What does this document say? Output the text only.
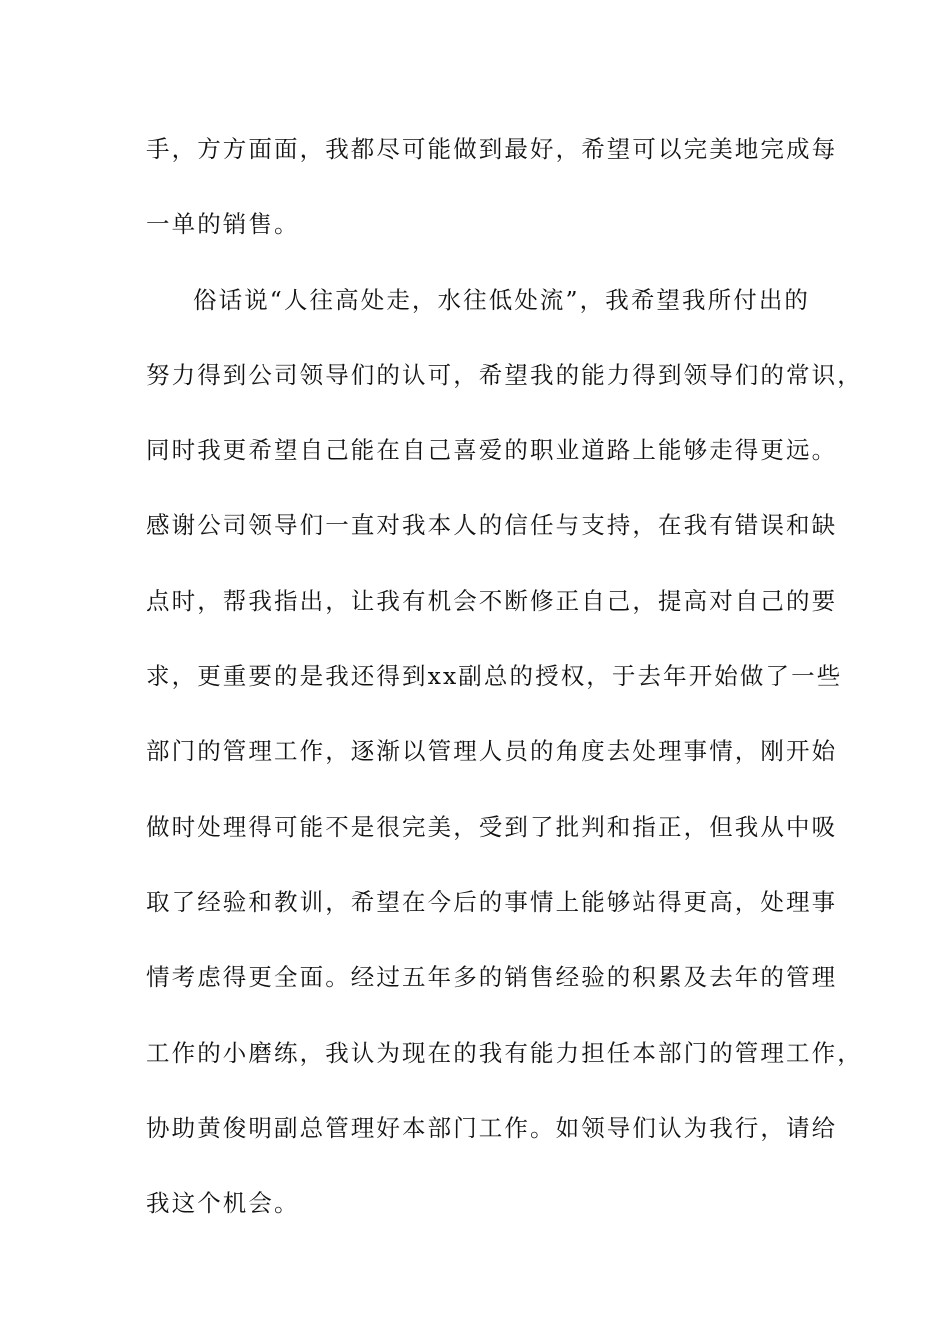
手，方方面面，我都尽可能做到最好，希望可以完美地完成每
一单的销售。
俗话说“人往高处走，水往低处流”，我希望我所付出的
努力得到公司领导们的认可，希望我的能力得到领导们的常识，
同时我更希望自己能在自己喜爱的职业道路上能够走得更远。
感谢公司领导们一直对我本人的信任与支持，在我有错误和缺
点时，帮我指出，让我有机会不断修正自己，提高对自己的要
求，更重要的是我还得到xx副总的授权，于去年开始做了一些
部门的管理工作，逐渐以管理人员的角度去处理事情，刚开始
做时处理得可能不是很完美，受到了批判和指正，但我从中吸
取了经验和教训，希望在今后的事情上能够站得更高，处理事
情考虑得更全面。经过五年多的销售经验的积累及去年的管理
工作的小磨练，我认为现在的我有能力担任本部门的管理工作，
协助黄俊明副总管理好本部门工作。如领导们认为我行，请给
我这个机会。
